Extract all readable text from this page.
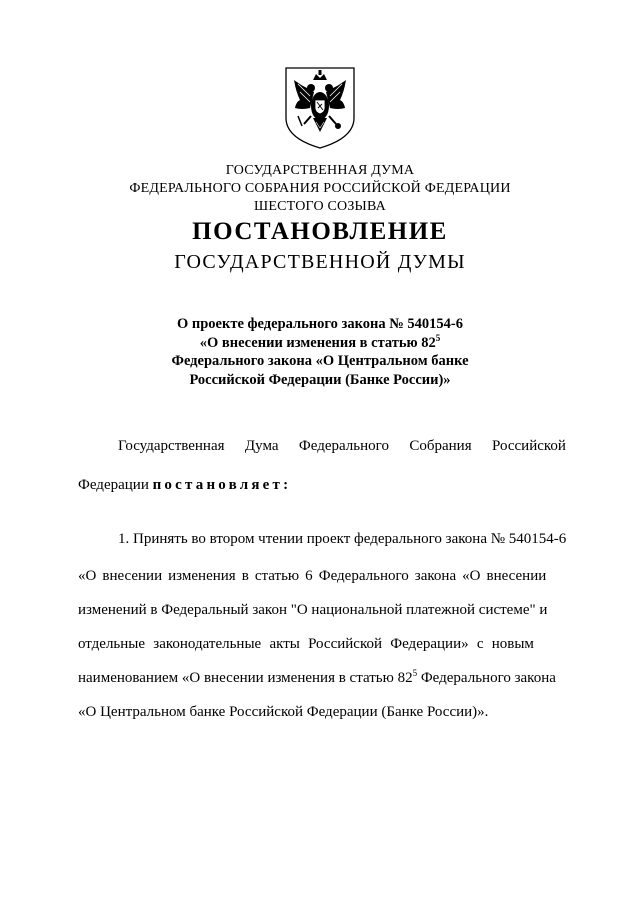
ГОСУДАРСТВЕННАЯ ДУМА
ФЕДЕРАЛЬНОГО СОБРАНИЯ РОССИЙСКОЙ ФЕДЕРАЦИИ
ШЕСТОГО СОЗЫВА
ПОСТАНОВЛЕНИЕ
ГОСУДАРСТВЕННОЙ ДУМЫ
О проекте федерального закона № 540154-6
«О внесении изменения в статью $82^5$
Федерального закона «О Центральном банке
Российской Федерации (Банке России)»
Государственная Дума Федерального Собрания Российской
Федерации постановляет:
1. Принять во втором чтении проект федерального закона № 540154-6
«О внесении изменения в статью 6 Федерального закона «О внесении
изменений в Федеральный закон "О национальной платежной системе" и
отдельные законодательные акты Российской Федерации» с новым
наименованием «О внесении изменения в статью $82^5$ Федерального закона
«О Центральном банке Российской Федерации (Банке России)».
